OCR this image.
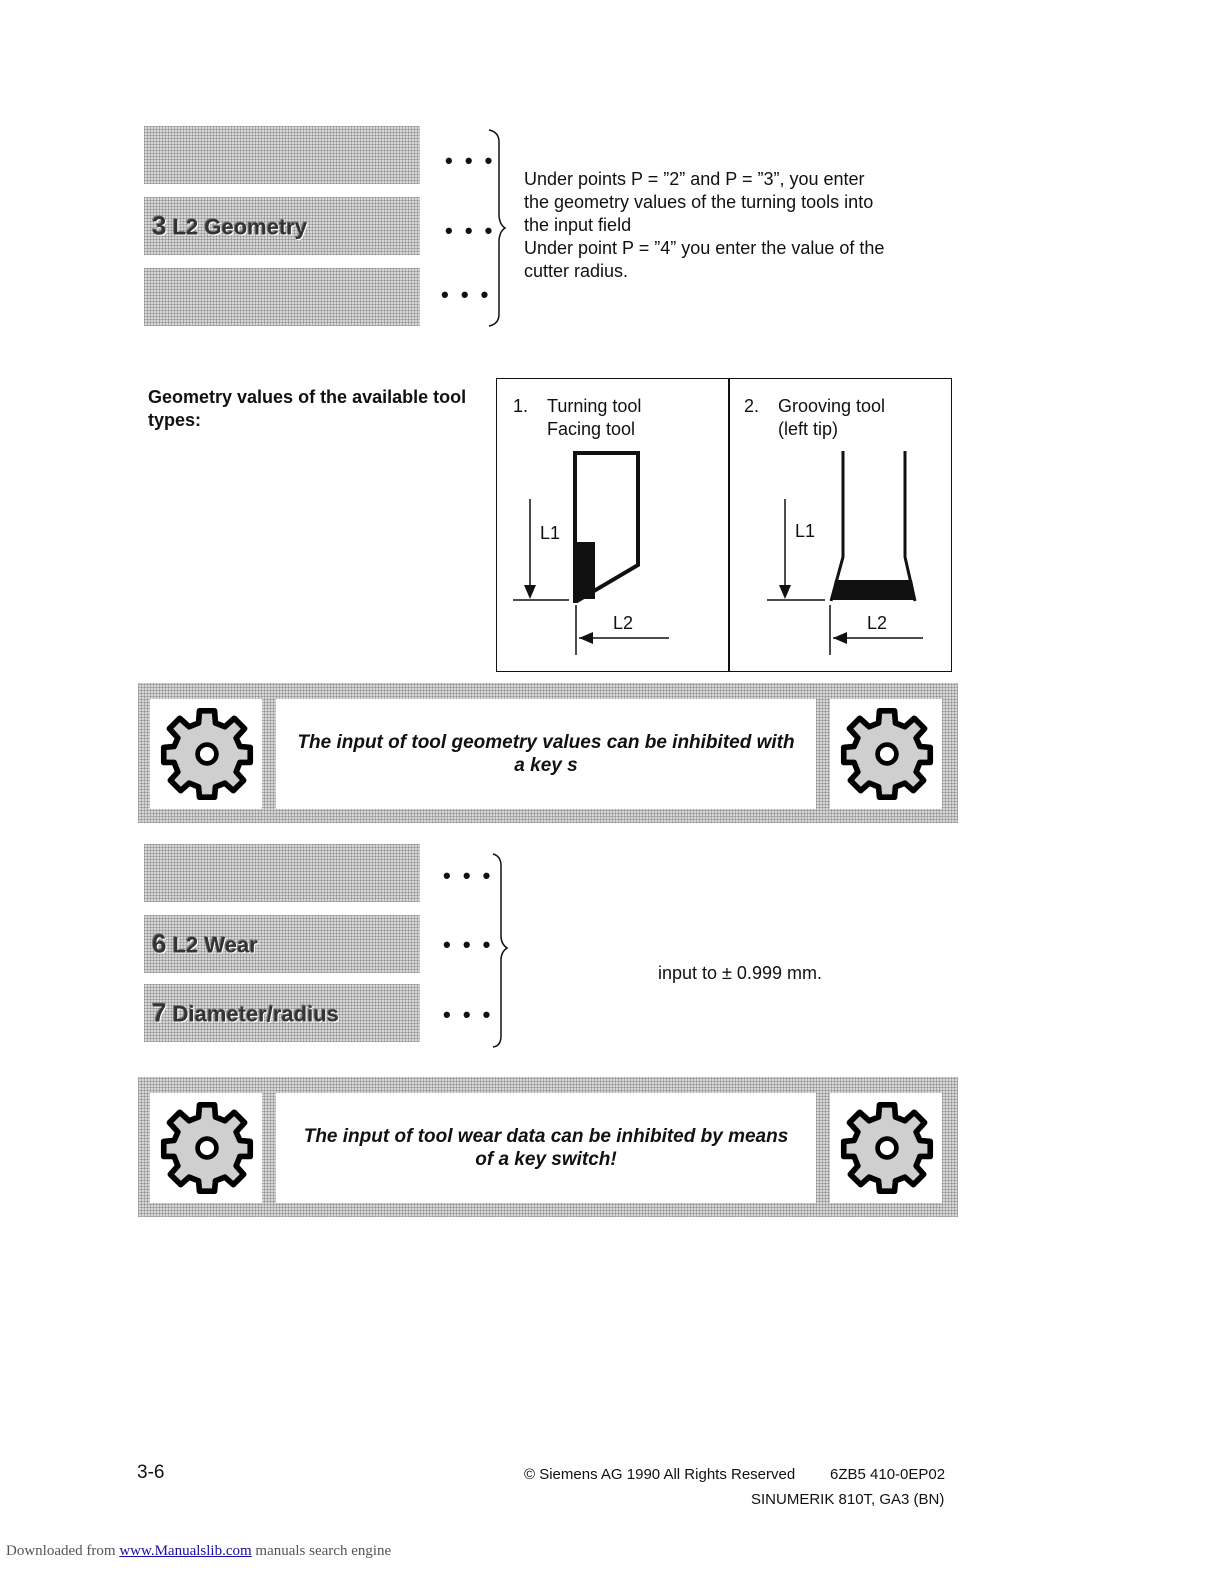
3 L2 Geometry
• • •
• • •
• • •
Under points P = ”2” and P = ”3”, you enter
the geometry values of the turning tools into
the input field
Under point P = ”4” you enter the value of the
cutter radius.
Geometry values of the available tool types:
1. Turning tool
Facing tool
L1
L2
2. Grooving tool
(left tip)
L1
L2
The input of tool geometry values can be inhibited with
a key s
6 L2 Wear
7 Diameter/radius
• • •
• • •
• • •
input to ± 0.999 mm.
The input of tool wear data can be inhibited by means
of a key switch!
3-6	© Siemens AG 1990 All Rights Reserved 6ZB5 410-0EP02
SINUMERIK 810T, GA3 (BN)
Downloaded from www.Manualslib.com manuals search engine
